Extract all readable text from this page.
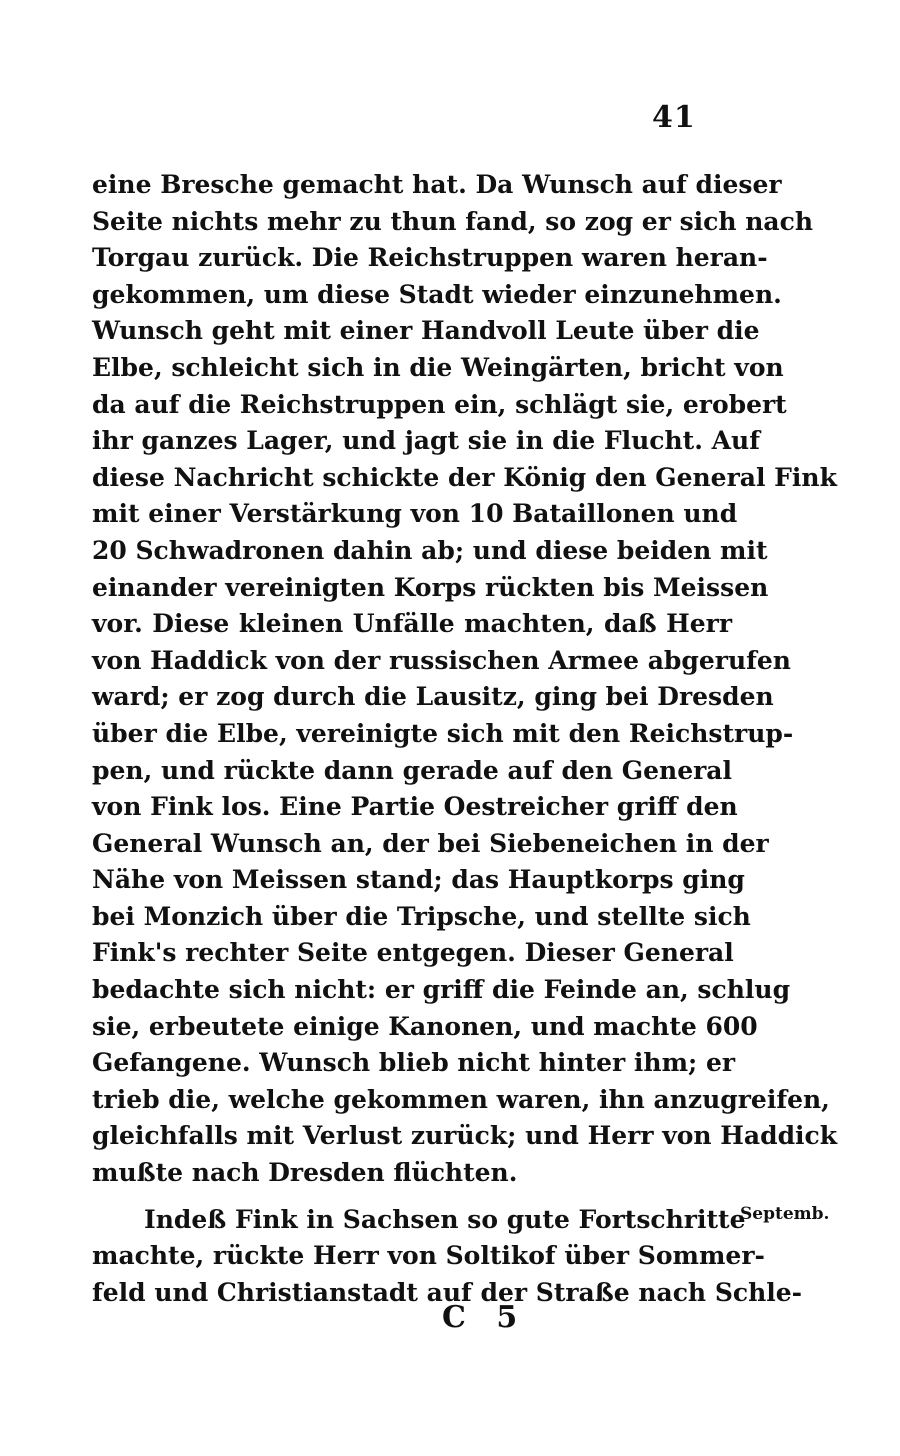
41
eine Bresche gemacht hat. Da Wunsch auf dieser
Seite nichts mehr zu thun fand, so zog er sich nach
Torgau zurück. Die Reichstruppen waren heran-
gekommen, um diese Stadt wieder einzunehmen.
Wunsch geht mit einer Handvoll Leute über die
Elbe, schleicht sich in die Weingärten, bricht von
da auf die Reichstruppen ein, schlägt sie, erobert
ihr ganzes Lager, und jagt sie in die Flucht. Auf
diese Nachricht schickte der König den General Fink
mit einer Verstärkung von 10 Bataillonen und
20 Schwadronen dahin ab; und diese beiden mit
einander vereinigten Korps rückten bis Meissen
vor. Diese kleinen Unfälle machten, daß Herr
von Haddick von der russischen Armee abgerufen
ward; er zog durch die Lausitz, ging bei Dresden
über die Elbe, vereinigte sich mit den Reichstrup-
pen, und rückte dann gerade auf den General
von Fink los. Eine Partie Oestreicher griff den
General Wunsch an, der bei Siebeneichen in der
Nähe von Meissen stand; das Hauptkorps ging
bei Monzich über die Tripsche, und stellte sich
Fink's rechter Seite entgegen. Dieser General
bedachte sich nicht: er griff die Feinde an, schlug
sie, erbeutete einige Kanonen, und machte 600
Gefangene. Wunsch blieb nicht hinter ihm; er
trieb die, welche gekommen waren, ihn anzugreifen,
gleichfalls mit Verlust zurück; und Herr von Haddick
mußte nach Dresden flüchten.
Indeß Fink in Sachsen so gute Fortschritte
machte, rückte Herr von Soltikof über Sommer-
feld und Christianstadt auf der Straße nach Schle-
Septemb.
C 5
